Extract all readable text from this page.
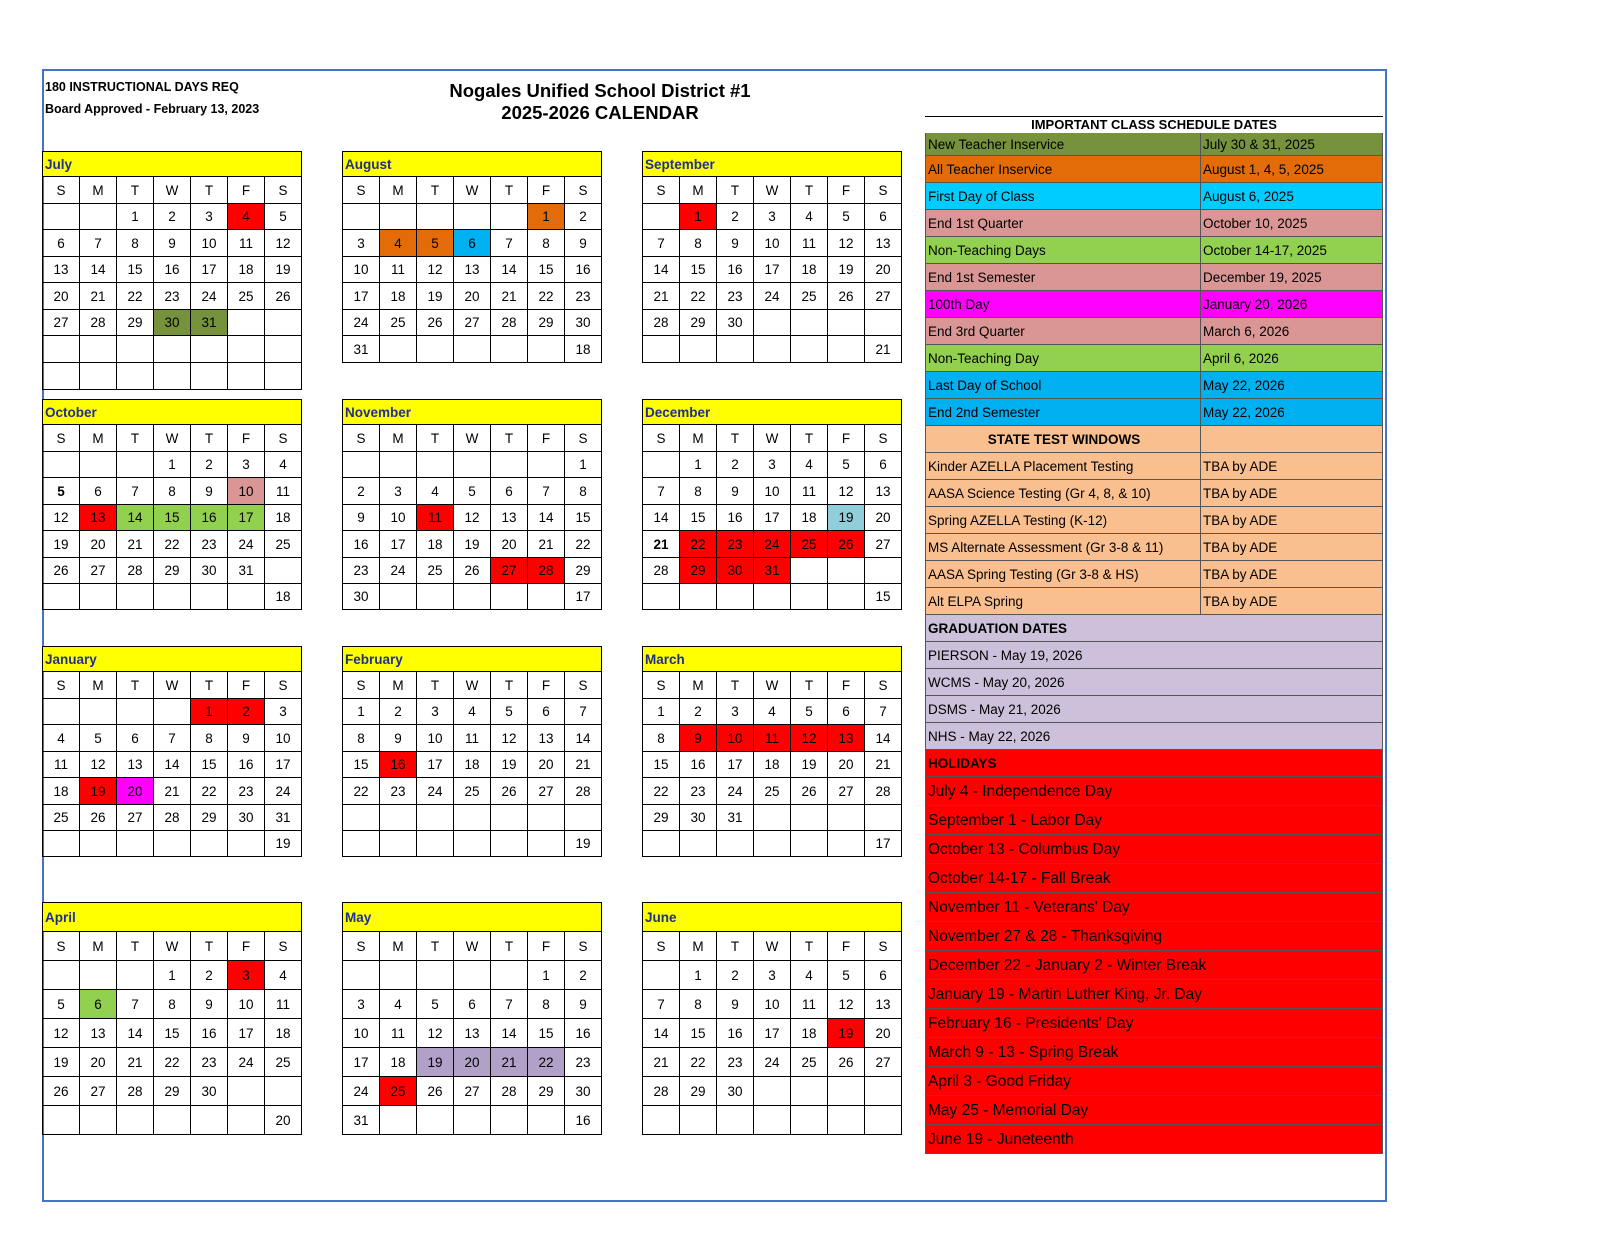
180 INSTRUCTIONAL DAYS REQ
Board Approved - February 13, 2023
Nogales Unified School District #1
2025-2026 CALENDAR
July						
S	M	T	W	T	F	S
		1	2	3	4	5
6	7	8	9	10	11	12
13	14	15	16	17	18	19
20	21	22	23	24	25	26
27	28	29	30	31		

August						
S	M	T	W	T	F	S
					1	2
3	4	5	6	7	8	9
10	11	12	13	14	15	16
17	18	19	20	21	22	23
24	25	26	27	28	29	30
31						18
September						
S	M	T	W	T	F	S
	1	2	3	4	5	6
7	8	9	10	11	12	13
14	15	16	17	18	19	20
21	22	23	24	25	26	27
28	29	30				
						21
October						
S	M	T	W	T	F	S
			1	2	3	4
5	6	7	8	9	10	11
12	13	14	15	16	17	18
19	20	21	22	23	24	25
26	27	28	29	30	31	
						18
November						
S	M	T	W	T	F	S
						1
2	3	4	5	6	7	8
9	10	11	12	13	14	15
16	17	18	19	20	21	22
23	24	25	26	27	28	29
30						17
December						
S	M	T	W	T	F	S
	1	2	3	4	5	6
7	8	9	10	11	12	13
14	15	16	17	18	19	20
21	22	23	24	25	26	27
28	29	30	31			
						15
January						
S	M	T	W	T	F	S
				1	2	3
4	5	6	7	8	9	10
11	12	13	14	15	16	17
18	19	20	21	22	23	24
25	26	27	28	29	30	31
						19
February						
S	M	T	W	T	F	S
1	2	3	4	5	6	7
8	9	10	11	12	13	14
15	16	17	18	19	20	21
22	23	24	25	26	27	28

						19
March						
S	M	T	W	T	F	S
1	2	3	4	5	6	7
8	9	10	11	12	13	14
15	16	17	18	19	20	21
22	23	24	25	26	27	28
29	30	31				
						17
April						
S	M	T	W	T	F	S
			1	2	3	4
5	6	7	8	9	10	11
12	13	14	15	16	17	18
19	20	21	22	23	24	25
26	27	28	29	30		
						20
May						
S	M	T	W	T	F	S
					1	2
3	4	5	6	7	8	9
10	11	12	13	14	15	16
17	18	19	20	21	22	23
24	25	26	27	28	29	30
31						16
June						
S	M	T	W	T	F	S
	1	2	3	4	5	6
7	8	9	10	11	12	13
14	15	16	17	18	19	20
21	22	23	24	25	26	27
28	29	30				

IMPORTANT CLASS SCHEDULE DATES
New Teacher Inservice	July 30 & 31, 2025
All Teacher Inservice	August 1, 4, 5, 2025
First Day of Class	August 6, 2025
End 1st Quarter	October 10, 2025
Non-Teaching Days	October 14-17, 2025
End 1st Semester	December 19, 2025
100th Day	January 20, 2026
End 3rd Quarter	March 6, 2026
Non-Teaching Day	April 6, 2026
Last Day of School	May 22, 2026
End 2nd Semester	May 22, 2026
STATE TEST WINDOWS
Kinder AZELLA Placement Testing	TBA by ADE
AASA Science Testing (Gr 4, 8, & 10)	TBA by ADE
Spring AZELLA Testing (K-12)	TBA by ADE
MS Alternate Assessment (Gr 3-8 & 11)	TBA by ADE
AASA Spring Testing (Gr 3-8 & HS)	TBA by ADE
Alt ELPA Spring	TBA by ADE
GRADUATION DATES
PIERSON - May 19, 2026
WCMS - May 20, 2026
DSMS - May 21, 2026
NHS - May 22, 2026
HOLIDAYS
July 4 - Independence Day
September 1 - Labor Day
October 13 - Columbus Day
October 14-17 - Fall Break
November 11 - Veterans' Day
November 27 & 28 - Thanksgiving
December 22 - January 2 - Winter Break
January 19 - Martin Luther King, Jr. Day
February 16 - Presidents' Day
March 9 - 13 - Spring Break
April 3 - Good Friday
May 25 - Memorial Day
June 19 - Juneteenth
